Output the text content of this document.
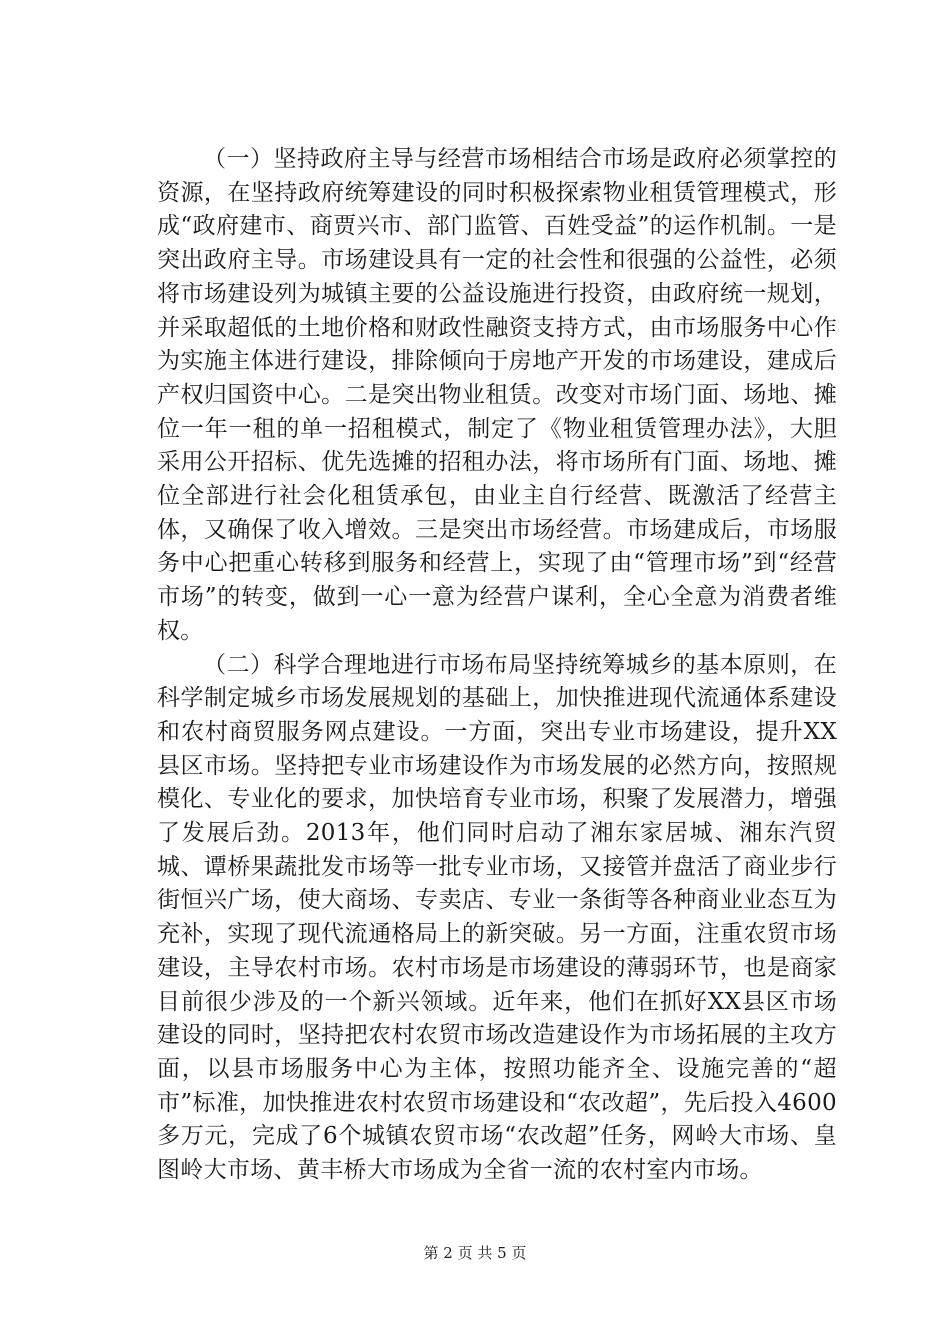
（一）坚持政府主导与经营市场相结合市场是政府必须掌控的资源，在坚持政府统筹建设的同时积极探索物业租赁管理模式，形成“政府建市、商贾兴市、部门监管、百姓受益”的运作机制。一是突出政府主导。市场建设具有一定的社会性和很强的公益性，必须将市场建设列为城镇主要的公益设施进行投资，由政府统一规划，并采取超低的土地价格和财政性融资支持方式，由市场服务中心作为实施主体进行建设，排除倾向于房地产开发的市场建设，建成后产权归国资中心。二是突出物业租赁。改变对市场门面、场地、摊位一年一租的单一招租模式，制定了《物业租赁管理办法》，大胆采用公开招标、优先选摊的招租办法，将市场所有门面、场地、摊位全部进行社会化租赁承包，由业主自行经营、既激活了经营主体，又确保了收入增效。三是突出市场经营。市场建成后，市场服务中心把重心转移到服务和经营上，实现了由“管理市场”到“经营市场”的转变，做到一心一意为经营户谋利，全心全意为消费者维权。

（二）科学合理地进行市场布局坚持统筹城乡的基本原则，在科学制定城乡市场发展规划的基础上，加快推进现代流通体系建设和农村商贸服务网点建设。一方面，突出专业市场建设，提升XX县区市场。坚持把专业市场建设作为市场发展的必然方向，按照规模化、专业化的要求，加快培育专业市场，积聚了发展潜力，增强了发展后劲。2013年，他们同时启动了湘东家居城、湘东汽贸城、谭桥果蔬批发市场等一批专业市场，又接管并盘活了商业步行街恒兴广场，使大商场、专卖店、专业一条街等各种商业业态互为充补，实现了现代流通格局上的新突破。另一方面，注重农贸市场建设，主导农村市场。农村市场是市场建设的薄弱环节，也是商家目前很少涉及的一个新兴领域。近年来，他们在抓好XX县区市场建设的同时，坚持把农村农贸市场改造建设作为市场拓展的主攻方面，以县市场服务中心为主体，按照功能齐全、设施完善的“超市”标准，加快推进农村农贸市场建设和“农改超”，先后投入4600多万元，完成了6个城镇农贸市场“农改超”任务，网岭大市场、皇图岭大市场、黄丰桥大市场成为全省一流的农村室内市场。

第 2 页 共 5 页
